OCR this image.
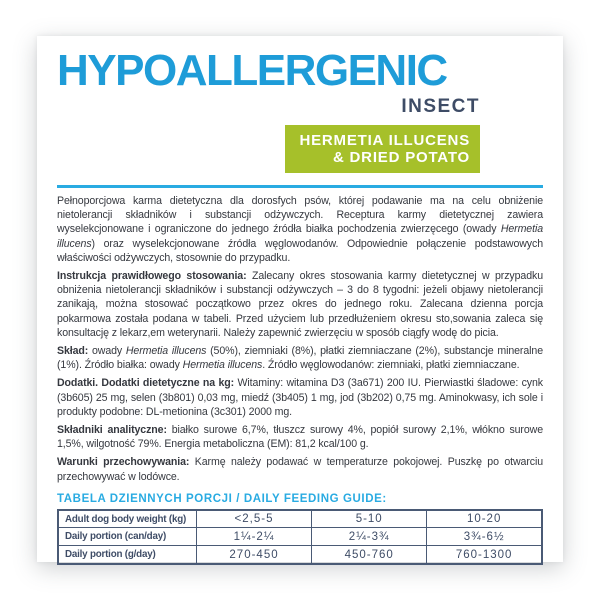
HYPOALLERGENIC
INSECT
HERMETIA ILLUCENS
& DRIED POTATO

Pełnoporcjowa karma dietetyczna dla dorosfych psów, której podawanie ma na celu obniżenie nietolerancji składników i substancji odżywczych. Receptura karmy dietetycznej zawiera wyselekcjonowane i ograniczone do jednego źródła białka pochodzenia zwierzęcego (owady Hermetia illucens) oraz wyselekcjonowane źródła węglowodanów. Odpowiednie połączenie podstawowych właściwości odżywczych, stosownie do przypadku.

Instrukcja prawidłowego stosowania: Zalecany okres stosowania karmy dietetycznej w przypadku obniżenia nietolerancji składników i substancji odżywczych – 3 do 8 tygodni: jeżeli objawy nietolerancji zanikają, można stosować początkowo przez okres do jednego roku. Zalecana dzienna porcja pokarmowa została podana w tabeli. Przed użyciem lub przedłużeniem okresu sto,sowania zaleca się konsultację z lekarz,em weterynarii. Należy zapewnić zwierzęciu w sposób ciągfy wodę do picia.

Skład: owady Hermetia illucens (50%), ziemniaki (8%), płatki ziemniaczane (2%), substancje mineralne (1%). Źródło białka: owady Hermetia illucens. Źródło węglowodanów: ziemniaki, płatki ziemniaczane.

Dodatki. Dodatki dietetyczne na kg: Witaminy: witamina D3 (3a671) 200 IU. Pierwiastki śladowe: cynk (3b605) 25 mg, selen (3b801) 0,03 mg, miedź (3b405) 1 mg, jod (3b202) 0,75 mg. Aminokwasy, ich sole i produkty podobne: DL-metionina (3c301) 2000 mg.

Składniki analityczne: białko surowe 6,7%, tłuszcz surowy 4%, popiół surowy 2,1%, włókno surowe 1,5%, wilgotność 79%. Energia metaboliczna (EM): 81,2 kcal/100 g.

Warunki przechowywania: Karmę należy podawać w temperaturze pokojowej. Puszkę po otwarciu przechowywać w lodówce.

TABELA DZIENNYCH PORCJI / DAILY FEEDING GUIDE:
Adult dog body weight (kg)	<2,5-5	5-10	10-20
Daily portion (can/day)	1¼-2¼	2¼-3¾	3¾-6½
Daily portion (g/day)	270-450	450-760	760-1300
